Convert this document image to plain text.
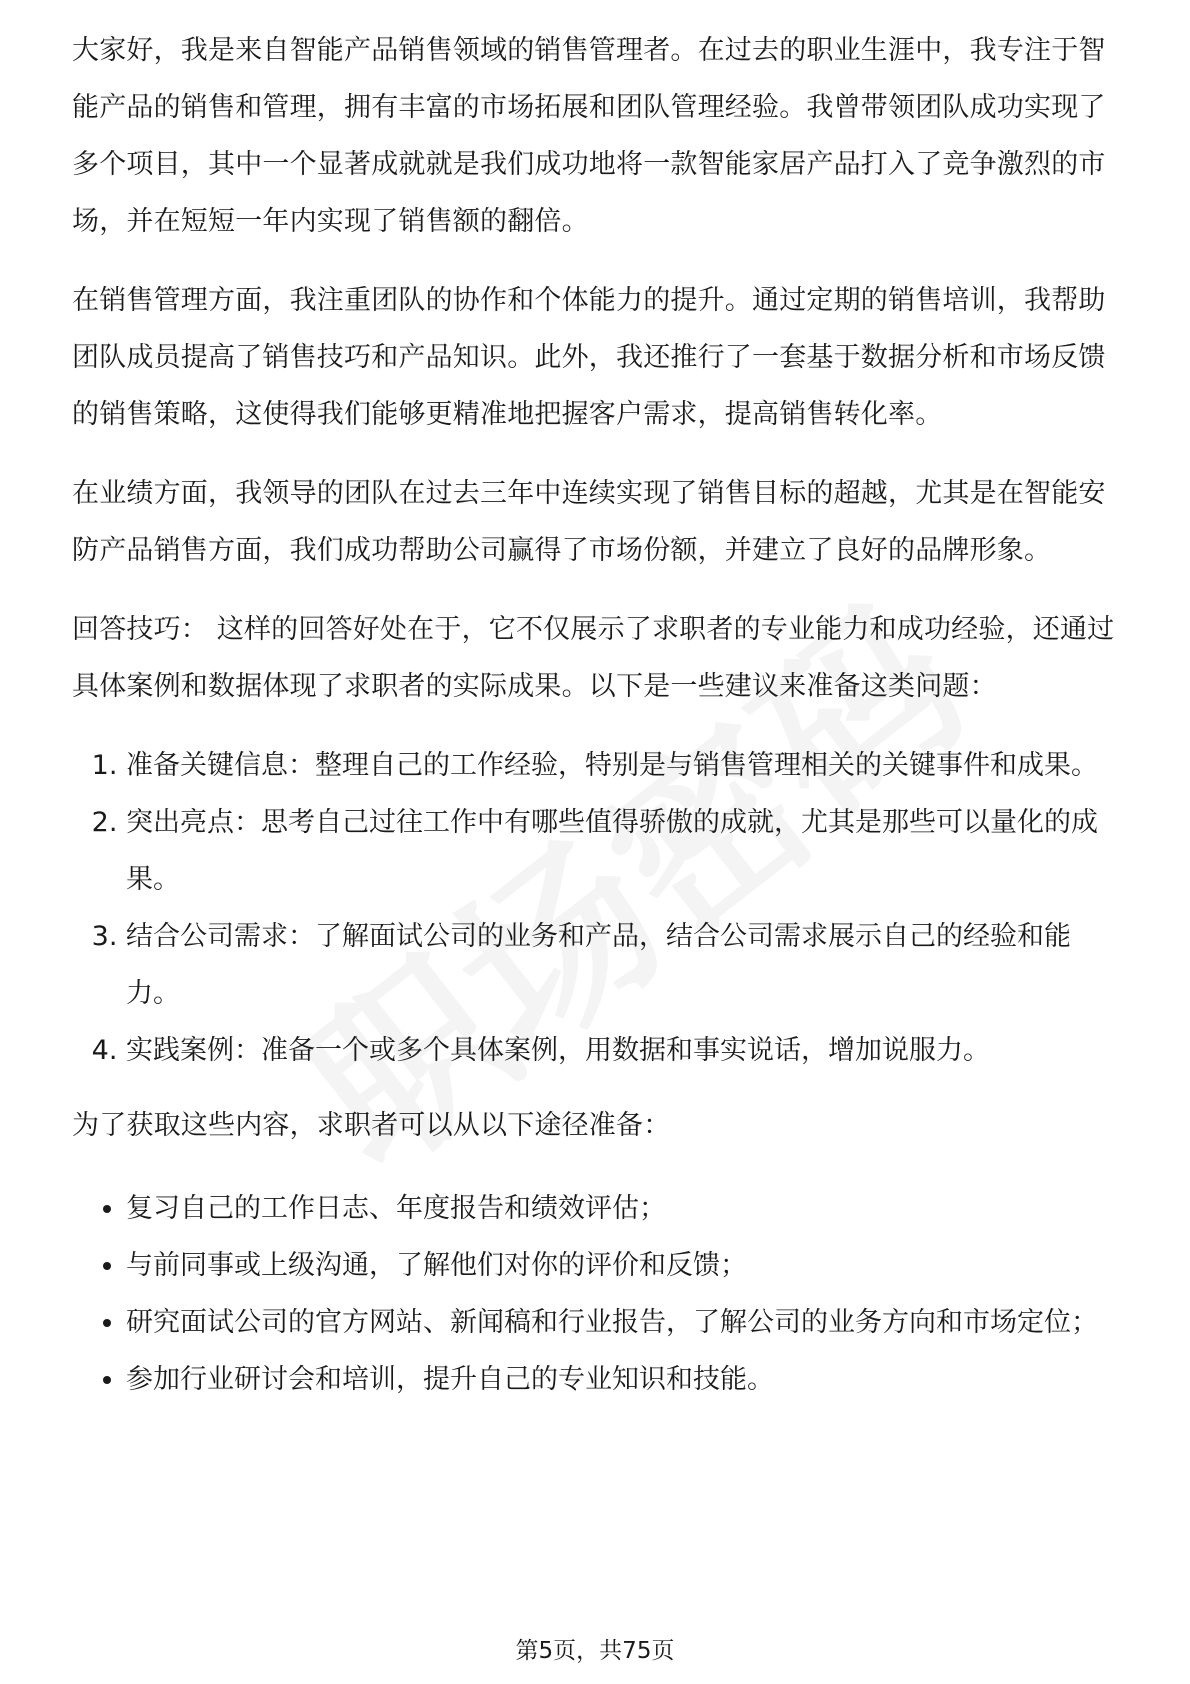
大家好，我是来自智能产品销售领域的销售管理者。在过去的职业生涯中，我专注于智能产品的销售和管理，拥有丰富的市场拓展和团队管理经验。我曾带领团队成功实现了多个项目，其中一个显著成就就是我们成功地将一款智能家居产品打入了竞争激烈的市场，并在短短一年内实现了销售额的翻倍。

在销售管理方面，我注重团队的协作和个体能力的提升。通过定期的销售培训，我帮助团队成员提高了销售技巧和产品知识。此外，我还推行了一套基于数据分析和市场反馈的销售策略，这使得我们能够更精准地把握客户需求，提高销售转化率。

在业绩方面，我领导的团队在过去三年中连续实现了销售目标的超越，尤其是在智能安防产品销售方面，我们成功帮助公司赢得了市场份额，并建立了良好的品牌形象。

回答技巧： 这样的回答好处在于，它不仅展示了求职者的专业能力和成功经验，还通过具体案例和数据体现了求职者的实际成果。以下是一些建议来准备这类问题：

1. 准备关键信息：整理自己的工作经验，特别是与销售管理相关的关键事件和成果。
2. 突出亮点：思考自己过往工作中有哪些值得骄傲的成就，尤其是那些可以量化的成果。
3. 结合公司需求：了解面试公司的业务和产品，结合公司需求展示自己的经验和能力。
4. 实践案例：准备一个或多个具体案例，用数据和事实说话，增加说服力。

为了获取这些内容，求职者可以从以下途径准备：

• 复习自己的工作日志、年度报告和绩效评估；
• 与前同事或上级沟通，了解他们对你的评价和反馈；
• 研究面试公司的官方网站、新闻稿和行业报告，了解公司的业务方向和市场定位；
• 参加行业研讨会和培训，提升自己的专业知识和技能。
第5页，共75页
